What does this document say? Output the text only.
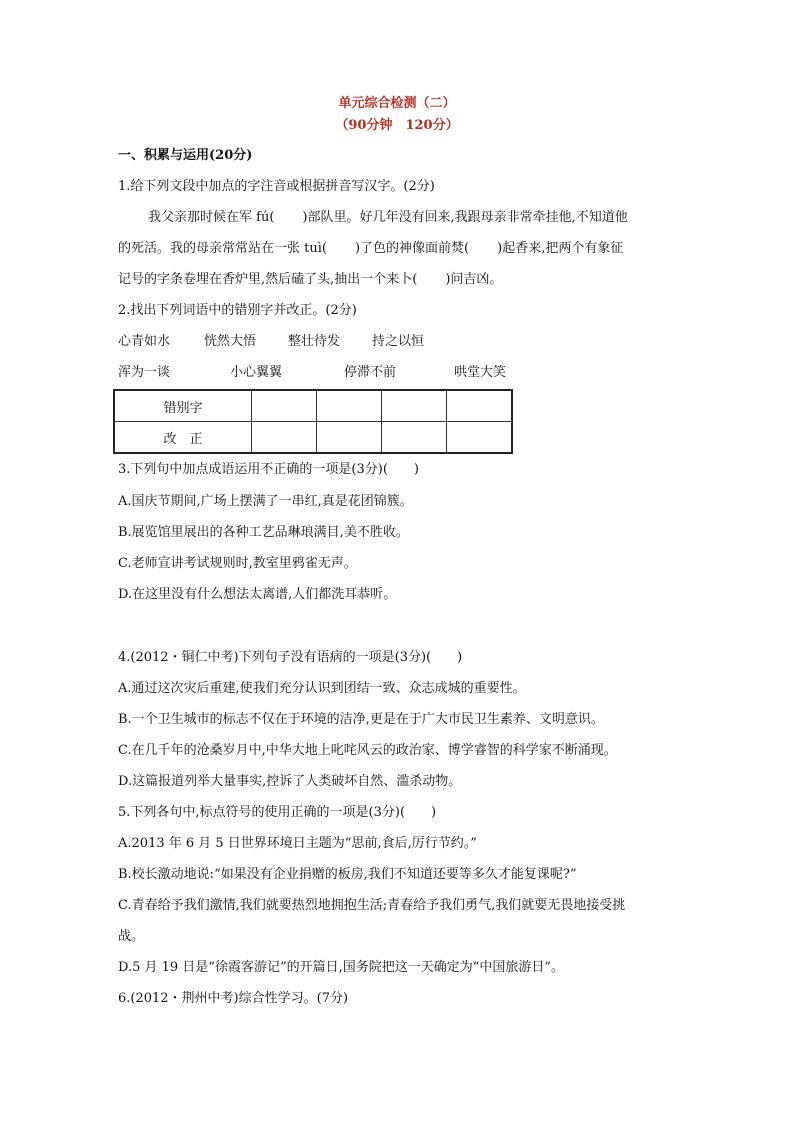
单元综合检测（二）
（90分钟　120分）
一、积累与运用(20分)
1.给下列文段中加点的字注音或根据拼音写汉字。(2分)
我父亲那时候在军 fú( )部队里。好几年没有回来,我跟母亲非常牵挂他,不知道他
的死活。我的母亲常常站在一张 tuì( )了色的神像面前焚( )起香来,把两个有象征
记号的字条卷埋在香炉里,然后磕了头,抽出一个来卜( )问吉凶。
2.找出下列词语中的错别字并改正。(2分)
心青如水	恍然大悟 整壮待发 持之以恒
浑为一谈	小心翼翼	停滞不前	哄堂大笑
错别字				
改　正				
3.下列句中加点成语运用不正确的一项是(3分)(　　)
A.国庆节期间,广场上摆满了一串红,真是花团锦簇。
B.展览馆里展出的各种工艺品琳琅满目,美不胜收。
C.老师宣讲考试规则时,教室里鸦雀无声。
D.在这里没有什么想法太离谱,人们都洗耳恭听。
4.(2012・铜仁中考)下列句子没有语病的一项是(3分)(　　)
A.通过这次灾后重建,使我们充分认识到团结一致、众志成城的重要性。
B.一个卫生城市的标志不仅在于环境的洁净,更是在于广大市民卫生素养、文明意识。
C.在几千年的沧桑岁月中,中华大地上叱咤风云的政治家、博学睿智的科学家不断涌现。
D.这篇报道列举大量事实,控诉了人类破坏自然、滥杀动物。
5.下列各句中,标点符号的使用正确的一项是(3分)(　　)
A.2013 年 6 月 5 日世界环境日主题为“思前,食后,厉行节约。”
B.校长激动地说:“如果没有企业捐赠的板房,我们不知道还要等多久才能复课呢?”
C.青春给予我们激情,我们就要热烈地拥抱生活;青春给予我们勇气,我们就要无畏地接受挑
战。
D.5 月 19 日是“徐霞客游记”的开篇日,国务院把这一天确定为“中国旅游日”。
6.(2012・荆州中考)综合性学习。(7分)
